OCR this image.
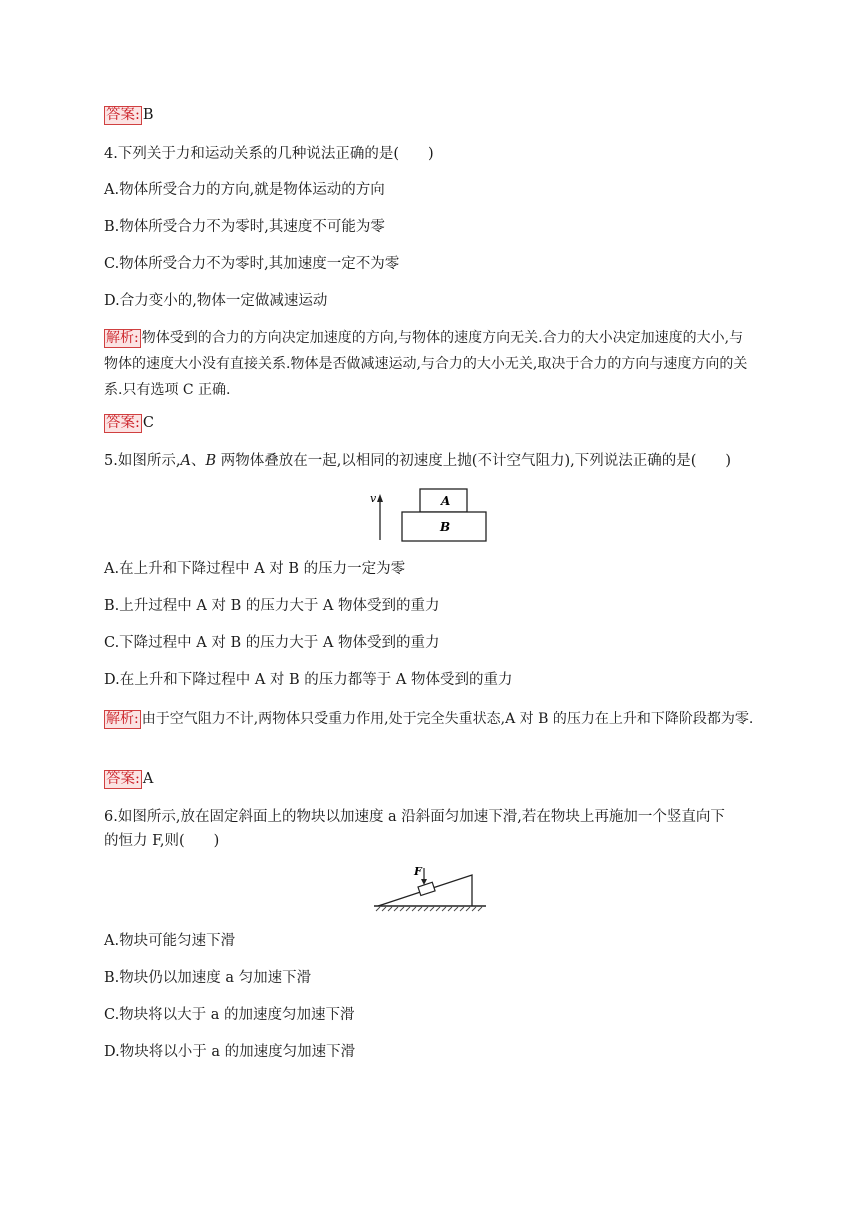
答案: B
4.下列关于力和运动关系的几种说法正确的是(　　)
A.物体所受合力的方向,就是物体运动的方向
B.物体所受合力不为零时,其速度不可能为零
C.物体所受合力不为零时,其加速度一定不为零
D.合力变小的,物体一定做减速运动
解析: 物体受到的合力的方向决定加速度的方向,与物体的速度方向无关.合力的大小决定加速度的大小,与物体的速度大小没有直接关系.物体是否做减速运动,与合力的大小无关,取决于合力的方向与速度方向的关系.只有选项 C 正确.
答案: C
5.如图所示,A、B 两物体叠放在一起,以相同的初速度上抛(不计空气阻力),下列说法正确的是(　　)
v	A
B
A.在上升和下降过程中 A 对 B 的压力一定为零
B.上升过程中 A 对 B 的压力大于 A 物体受到的重力
C.下降过程中 A 对 B 的压力大于 A 物体受到的重力
D.在上升和下降过程中 A 对 B 的压力都等于 A 物体受到的重力
解析: 由于空气阻力不计,两物体只受重力作用,处于完全失重状态,A 对 B 的压力在上升和下降阶段都为零.
答案: A
6.如图所示,放在固定斜面上的物块以加速度 a 沿斜面匀加速下滑,若在物块上再施加一个竖直向下
的恒力 F,则(　　)
F
A.物块可能匀速下滑
B.物块仍以加速度 a 匀加速下滑
C.物块将以大于 a 的加速度匀加速下滑
D.物块将以小于 a 的加速度匀加速下滑
